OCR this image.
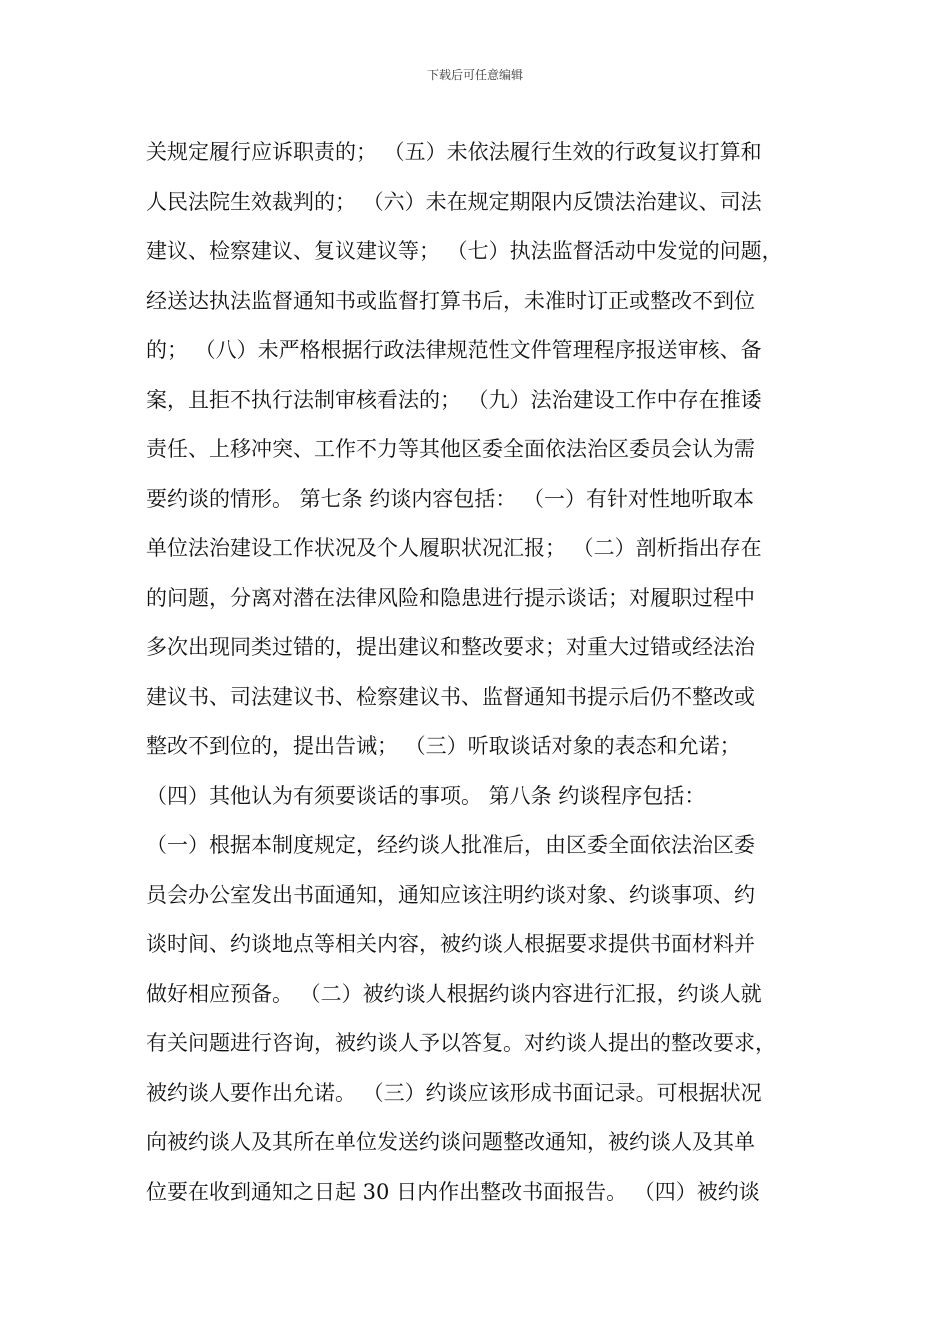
下载后可任意编辑
关规定履行应诉职责的； （五）未依法履行生效的行政复议打算和
人民法院生效裁判的； （六）未在规定期限内反馈法治建议、司法
建议、检察建议、复议建议等； （七）执法监督活动中发觉的问题，
经送达执法监督通知书或监督打算书后，未准时订正或整改不到位
的； （八）未严格根据行政法律规范性文件管理程序报送审核、备
案，且拒不执行法制审核看法的； （九）法治建设工作中存在推诿
责任、上移冲突、工作不力等其他区委全面依法治区委员会认为需
要约谈的情形。 第七条 约谈内容包括： （一）有针对性地听取本
单位法治建设工作状况及个人履职状况汇报； （二）剖析指出存在
的问题，分离对潜在法律风险和隐患进行提示谈话；对履职过程中
多次出现同类过错的，提出建议和整改要求；对重大过错或经法治
建议书、司法建议书、检察建议书、监督通知书提示后仍不整改或
整改不到位的，提出告诫； （三）听取谈话对象的表态和允诺；
（四）其他认为有须要谈话的事项。 第八条 约谈程序包括：
（一）根据本制度规定，经约谈人批准后，由区委全面依法治区委
员会办公室发出书面通知，通知应该注明约谈对象、约谈事项、约
谈时间、约谈地点等相关内容，被约谈人根据要求提供书面材料并
做好相应预备。 （二）被约谈人根据约谈内容进行汇报，约谈人就
有关问题进行咨询，被约谈人予以答复。对约谈人提出的整改要求，
被约谈人要作出允诺。 （三）约谈应该形成书面记录。可根据状况
向被约谈人及其所在单位发送约谈问题整改通知，被约谈人及其单
位要在收到通知之日起 30 日内作出整改书面报告。 （四）被约谈
